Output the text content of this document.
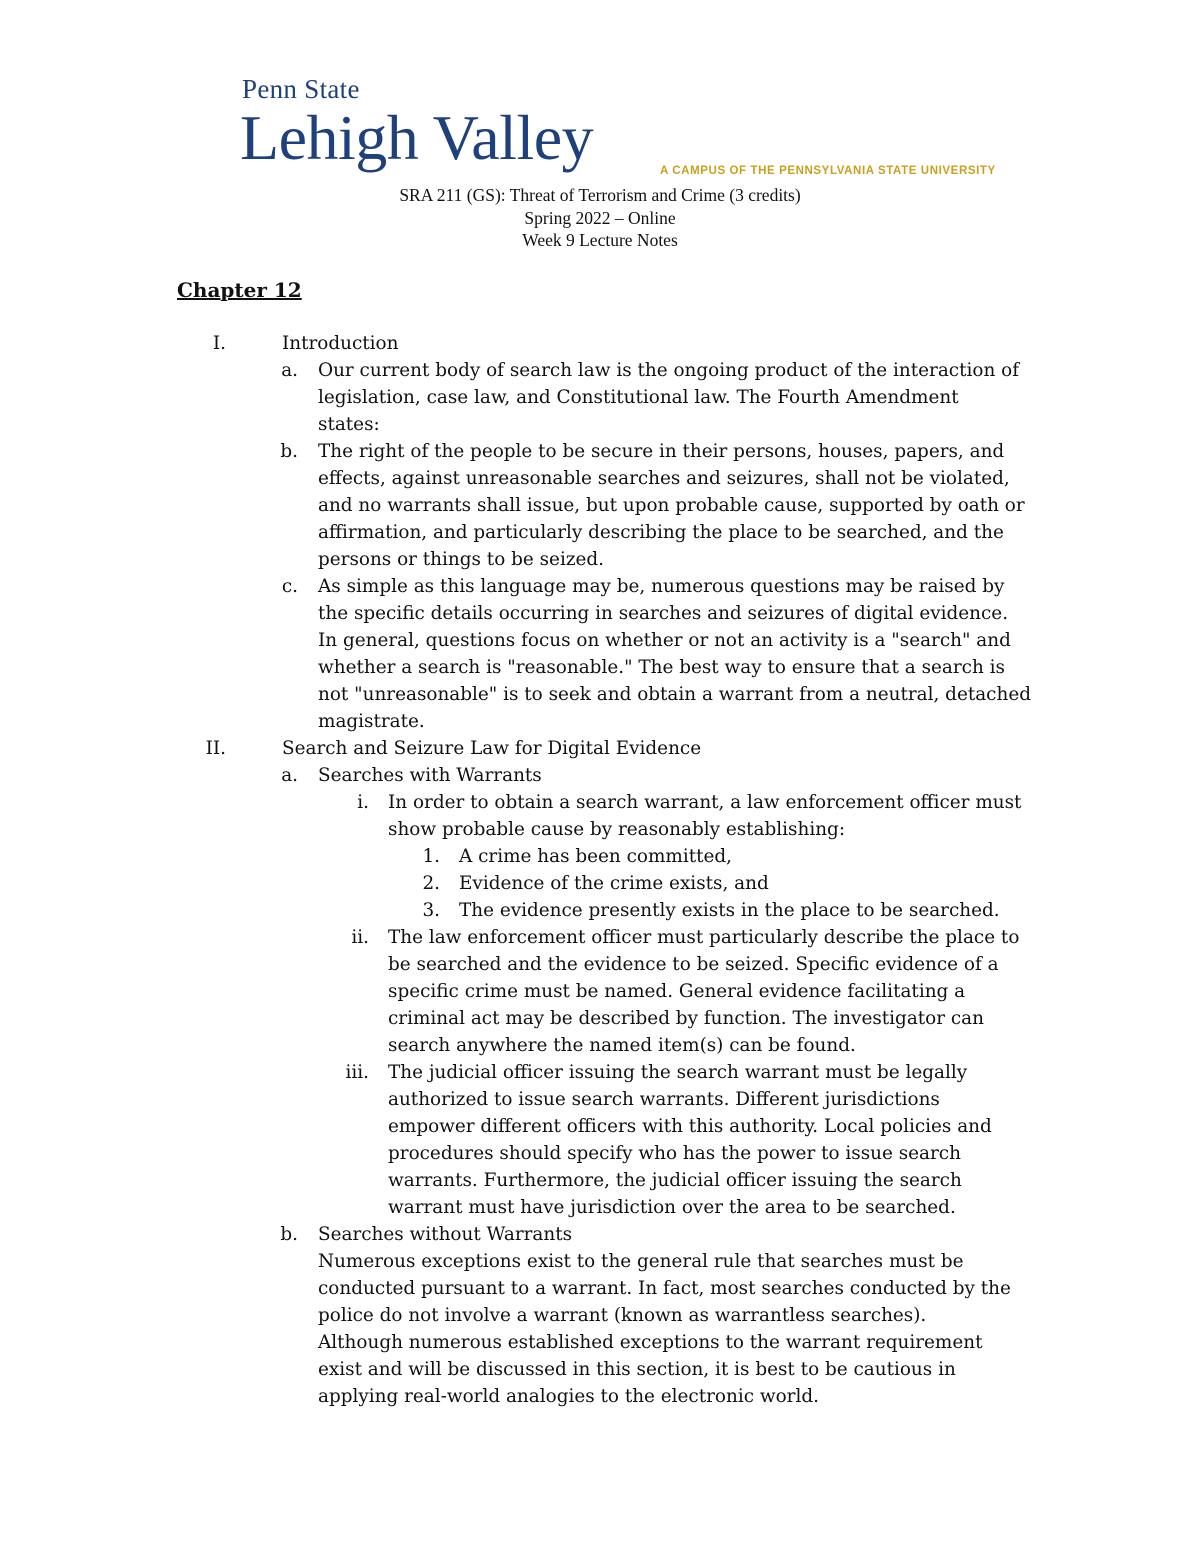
Penn State
Lehigh Valley	A CAMPUS OF THE PENNSYLVANIA STATE UNIVERSITY
SRA 211 (GS): Threat of Terrorism and Crime (3 credits)
Spring 2022 – Online
Week 9 Lecture Notes
Chapter 12
I.	Introduction
a. Our current body of search law is the ongoing product of the interaction of
legislation, case law, and Constitutional law. The Fourth Amendment
states:
b. The right of the people to be secure in their persons, houses, papers, and
effects, against unreasonable searches and seizures, shall not be violated,
and no warrants shall issue, but upon probable cause, supported by oath or
affirmation, and particularly describing the place to be searched, and the
persons or things to be seized.
c. As simple as this language may be, numerous questions may be raised by
the specific details occurring in searches and seizures of digital evidence.
In general, questions focus on whether or not an activity is a "search" and
whether a search is "reasonable." The best way to ensure that a search is
not "unreasonable" is to seek and obtain a warrant from a neutral, detached
magistrate.
II.	Search and Seizure Law for Digital Evidence
a. Searches with Warrants
i. In order to obtain a search warrant, a law enforcement officer must
show probable cause by reasonably establishing:
1. A crime has been committed,
2. Evidence of the crime exists, and
3. The evidence presently exists in the place to be searched.
ii. The law enforcement officer must particularly describe the place to
be searched and the evidence to be seized. Specific evidence of a
specific crime must be named. General evidence facilitating a
criminal act may be described by function. The investigator can
search anywhere the named item(s) can be found.
iii. The judicial officer issuing the search warrant must be legally
authorized to issue search warrants. Different jurisdictions
empower different officers with this authority. Local policies and
procedures should specify who has the power to issue search
warrants. Furthermore, the judicial officer issuing the search
warrant must have jurisdiction over the area to be searched.
b. Searches without Warrants
Numerous exceptions exist to the general rule that searches must be
conducted pursuant to a warrant. In fact, most searches conducted by the
police do not involve a warrant (known as warrantless searches).
Although numerous established exceptions to the warrant requirement
exist and will be discussed in this section, it is best to be cautious in
applying real-world analogies to the electronic world.
